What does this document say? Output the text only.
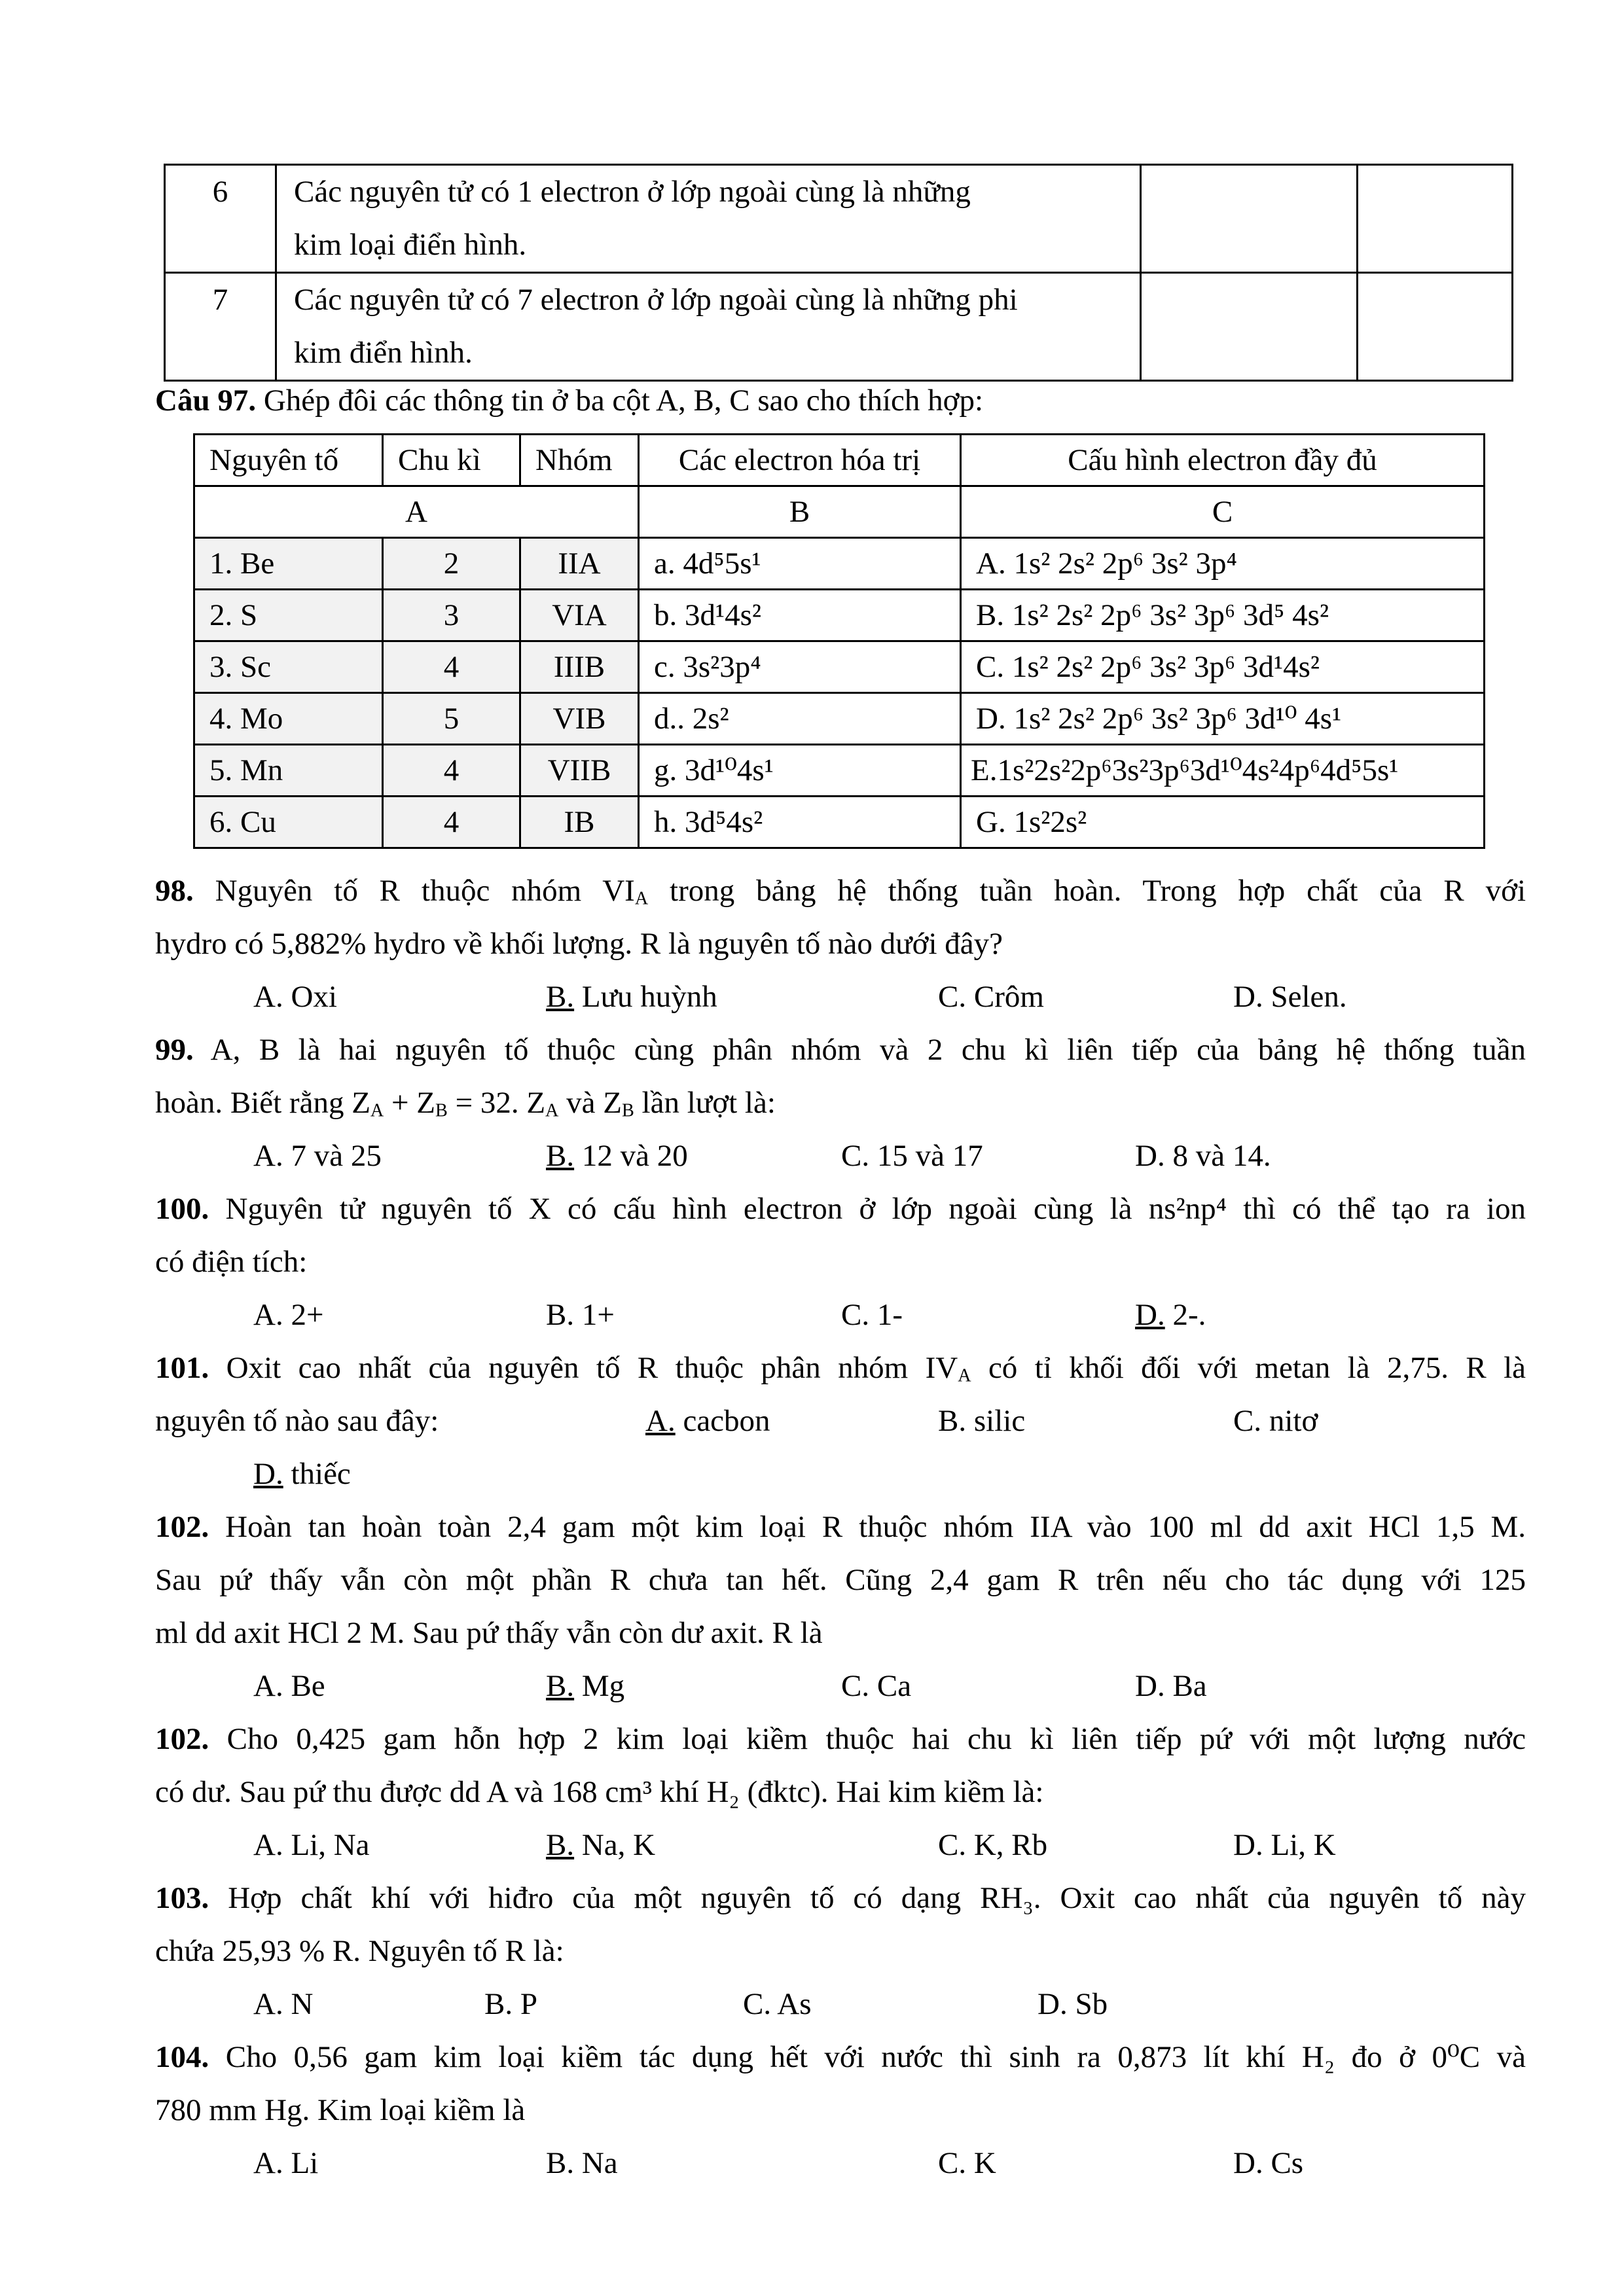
6	Các nguyên tử có 1 electron ở lớp ngoài cùng là những
kim loại điển hình.		

7	Các nguyên tử có 7 electron ở lớp ngoài cùng là những phi
kim điển hình.		

Câu 97. Ghép đôi các thông tin ở ba cột A, B, C sao cho thích hợp:
Nguyên tố	Chu kì	Nhóm	Các electron hóa trị	Cấu hình electron đầy đủ
A			B	C
1. Be	2	IIA	a. 4d⁵5s¹	A. 1s² 2s² 2p⁶ 3s² 3p⁴
2. S	3	VIA	b. 3d¹4s²	B. 1s² 2s² 2p⁶ 3s² 3p⁶ 3d⁵ 4s²
3. Sc	4	IIIB	c. 3s²3p⁴	C. 1s² 2s² 2p⁶ 3s² 3p⁶ 3d¹4s²
4. Mo	5	VIB	d.. 2s²	D. 1s² 2s² 2p⁶ 3s² 3p⁶ 3d¹⁰ 4s¹
5. Mn	4	VIIB	g. 3d¹⁰4s¹	E.1s²2s²2p⁶3s²3p⁶3d¹⁰4s²4p⁶4d⁵5s¹
6. Cu	4	IB	h. 3d⁵4s²	G. 1s²2s²
98. Nguyên tố R thuộc nhóm $VI_A$ trong bảng hệ thống tuần hoàn. Trong hợp chất của R với
hydro có 5,882% hydro về khối lượng. R là nguyên tố nào dưới đây?
A. Oxi	B. Lưu huỳnh	C. Crôm	D. Selen.
99. A, B là hai nguyên tố thuộc cùng phân nhóm và 2 chu kì liên tiếp của bảng hệ thống tuần
hoàn. Biết rằng $Z_A + Z_B = 32$. $Z_A$ và $Z_B$ lần lượt là:
A. 7 và 25	B. 12 và 20	C. 15 và 17	D. 8 và 14.
100. Nguyên tử nguyên tố X có cấu hình electron ở lớp ngoài cùng là ns²np⁴ thì có thể tạo ra ion
có điện tích:
A. 2+	B. 1+	C. 1-	D. 2-.
101. Oxit cao nhất của nguyên tố R thuộc phân nhóm $IV_A$ có tỉ khối đối với metan là 2,75. R là
nguyên tố nào sau đây:	A. cacbon	B. silic	C. nitơ
D. thiếc
102. Hoàn tan hoàn toàn 2,4 gam một kim loại R thuộc nhóm IIA vào 100 ml dd axit HCl 1,5 M.
Sau pứ thấy vẫn còn một phần R chưa tan hết. Cũng 2,4 gam R trên nếu cho tác dụng với 125
ml dd axit HCl 2 M. Sau pứ thấy vẫn còn dư axit. R là
A. Be	B. Mg	C. Ca	D. Ba
102. Cho 0,425 gam hỗn hợp 2 kim loại kiềm thuộc hai chu kì liên tiếp pứ với một lượng nước
có dư. Sau pứ thu được dd A và 168 cm³ khí H₂ (đktc). Hai kim kiềm là:
A. Li, Na	B. Na, K	C. K, Rb	D. Li, K
103. Hợp chất khí với hiđro của một nguyên tố có dạng RH₃. Oxit cao nhất của nguyên tố này
chứa 25,93 % R. Nguyên tố R là:
A. N	B. P	C. As	D. Sb
104. Cho 0,56 gam kim loại kiềm tác dụng hết với nước thì sinh ra 0,873 lít khí H₂ đo ở 0⁰C và
780 mm Hg. Kim loại kiềm là
A. Li	B. Na	C. K	D. Cs
